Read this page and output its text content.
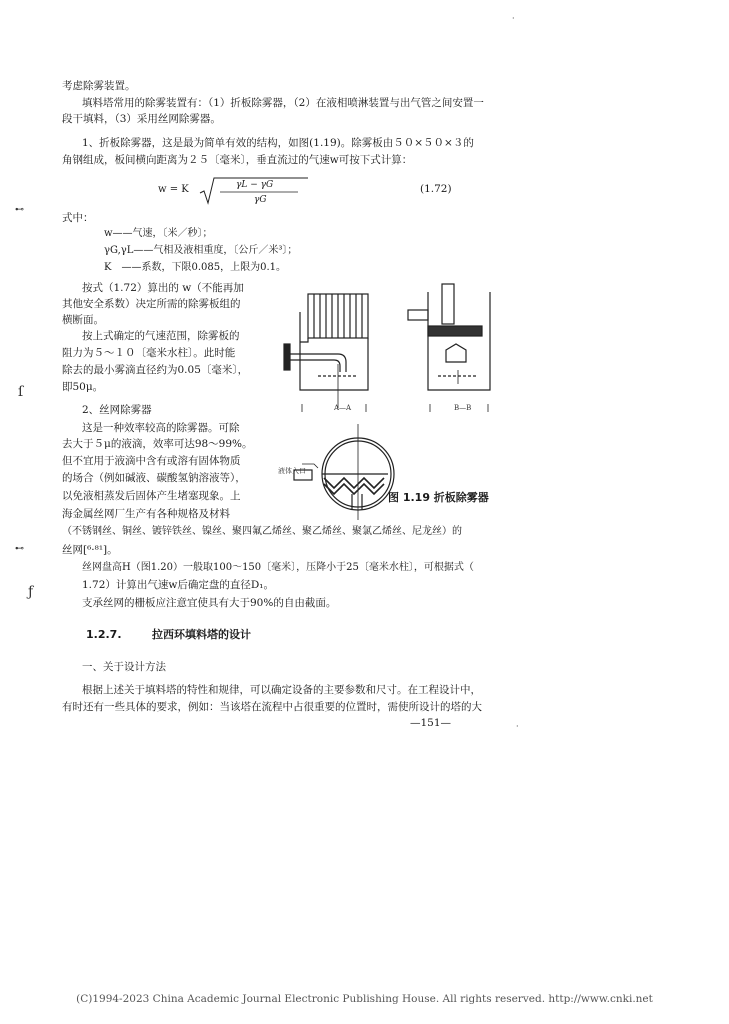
考虑除雾装置。
填料塔常用的除雾装置有：（1）折板除雾器，（2）在液相喷淋装置与出气管之间安置一
段干填料，（3）采用丝网除雾器。
1、折板除雾器，这是最为简单有效的结构，如图(1.19)。除雾板由５０×５０×３的
角钢组成，板间横向距离为２５〔毫米〕，垂直流过的气速w可按下式计算：
w = K	γL − γG
γG
(1.72)
式中：
w——气速，〔米／秒〕；
γG,γL——气相及液相重度，〔公斤／米³〕；
K　——系数，下限0.085，上限为0.1。
按式（1.72）算出的 w（不能再加
其他安全系数）决定所需的除雾板组的
横断面。
按上式确定的气速范围，除雾板的
阻力为５～１０〔毫米水柱〕。此时能
除去的最小雾滴直径约为0.05〔毫米〕，
即50μ。
2、丝网除雾器
这是一种效率较高的除雾器。可除
去大于５μ的液滴，效率可达98～99%。
但不宜用于液滴中含有或溶有固体物质
的场合（例如碱液、碳酸氢钠溶液等），
以免液相蒸发后固体产生堵塞现象。上
海金属丝网厂生产有各种规格及材料
（不锈钢丝、铜丝、镀锌铁丝、镍丝、聚四氟乙烯丝、聚乙烯丝、聚氯乙烯丝、尼龙丝）的
丝网[⁶·⁸¹]。
丝网盘高H（图1.20）一般取100～150〔毫米〕，压降小于25〔毫米水柱〕，可根据式（
1.72）计算出气速w后确定盘的直径D₁。
支承丝网的栅板应注意宜使具有大于90%的自由截面。
1.2.7.	拉西环填料塔的设计
一、关于设计方法
根据上述关于填料塔的特性和规律，可以确定设备的主要参数和尺寸。在工程设计中，
有时还有一些具体的要求，例如：当该塔在流程中占很重要的位置时，需使所设计的塔的大
—151—
A—A	B—B
液体入口
图 1.19 折板除雾器
·
⊷
ſ
⊷
ƒ
·
(C)1994-2023 China Academic Journal Electronic Publishing House. All rights reserved. http://www.cnki.net
